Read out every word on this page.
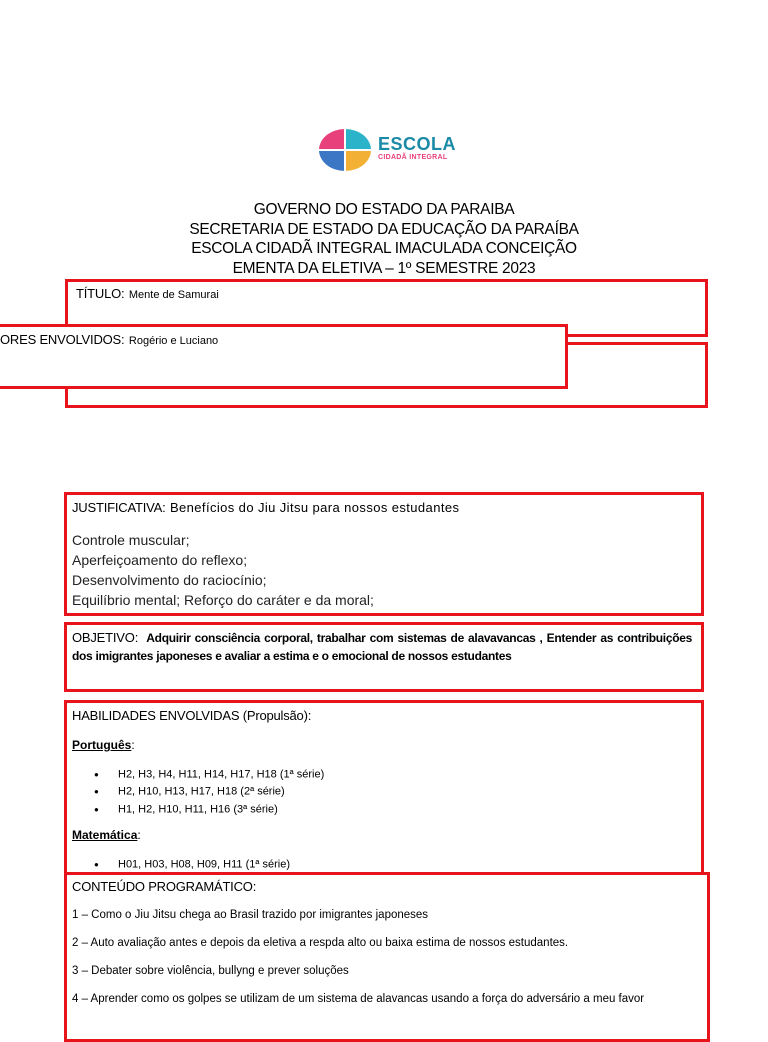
ESCOLA
CIDADÃ INTEGRAL
GOVERNO DO ESTADO DA PARAIBA
SECRETARIA DE ESTADO DA EDUCAÇÃO DA PARAÍBA
ESCOLA CIDADÃ INTEGRAL IMACULADA CONCEIÇÃO
EMENTA DA ELETIVA – 1º SEMESTRE 2023
TÍTULO: Mente de Samurai
ORES ENVOLVIDOS: Rogério e Luciano
JUSTIFICATIVA: Benefícios do Jiu Jitsu para nossos estudantes
Controle muscular;
Aperfeiçoamento do reflexo;
Desenvolvimento do raciocínio;
Equilíbrio mental; Reforço do caráter e da moral;
OBJETIVO: Adquirir consciência corporal, trabalhar com sistemas de alavavancas , Entender as contribuições dos imigrantes japoneses e avaliar a estima e o emocional de nossos estudantes
HABILIDADES ENVOLVIDAS (Propulsão):
Português:
● H2, H3, H4, H11, H14, H17, H18 (1ª série)
● H2, H10, H13, H17, H18 (2ª série)
● H1, H2, H10, H11, H16 (3ª série)
Matemática:
● H01, H03, H08, H09, H11 (1ª série)
CONTEÚDO PROGRAMÁTICO:
1 – Como o Jiu Jitsu chega ao Brasil trazido por imigrantes japoneses
2 – Auto avaliação antes e depois da eletiva a respda alto ou baixa estima de nossos estudantes.
3 – Debater sobre violência, bullyng e prever soluções
4 – Aprender como os golpes se utilizam de um sistema de alavancas usando a força do adversário a meu favor
